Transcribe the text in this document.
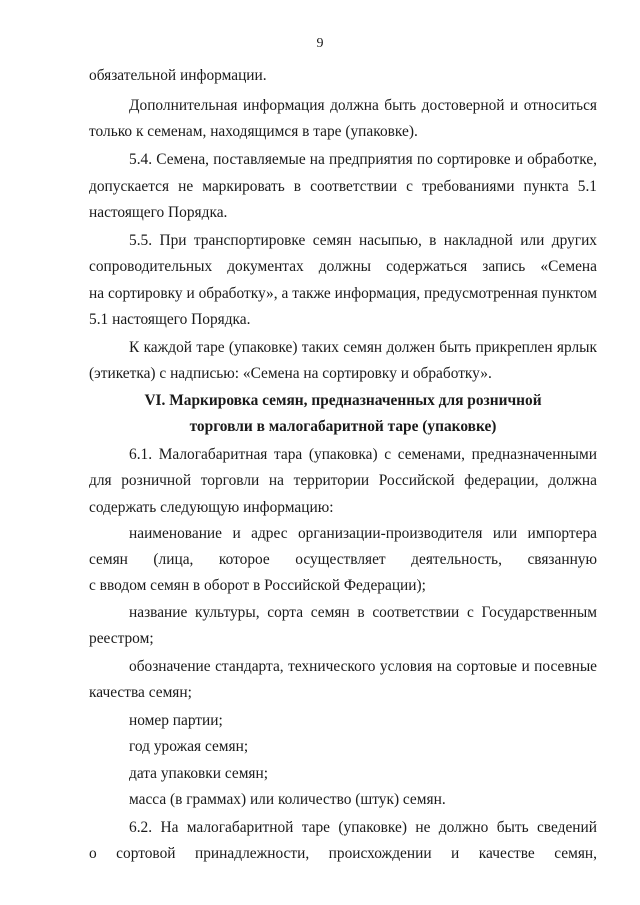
9
обязательной информации.
Дополнительная информация должна быть достоверной и относиться
только к семенам, находящимся в таре (упаковке).
5.4. Семена, поставляемые на предприятия по сортировке и обработке,
допускается не маркировать в соответствии с требованиями пункта 5.1
настоящего Порядка.
5.5. При транспортировке семян насыпью, в накладной или других
сопроводительных документах должны содержаться запись «Семена
на сортировку и обработку», а также информация, предусмотренная пунктом
5.1 настоящего Порядка.
К каждой таре (упаковке) таких семян должен быть прикреплен ярлык
(этикетка) с надписью: «Семена на сортировку и обработку».
VI. Маркировка семян, предназначенных для розничной
торговли в малогабаритной таре (упаковке)
6.1. Малогабаритная тара (упаковка) с семенами, предназначенными
для розничной торговли на территории Российской федерации, должна
содержать следующую информацию:
наименование и адрес организации-производителя или импортера
семян (лица, которое осуществляет деятельность, связанную
с вводом семян в оборот в Российской Федерации);
название культуры, сорта семян в соответствии с Государственным
реестром;
обозначение стандарта, технического условия на сортовые и посевные
качества семян;
номер партии;
год урожая семян;
дата упаковки семян;
масса (в граммах) или количество (штук) семян.
6.2. На малогабаритной таре (упаковке) не должно быть сведений
о сортовой принадлежности, происхождении и качестве семян,
